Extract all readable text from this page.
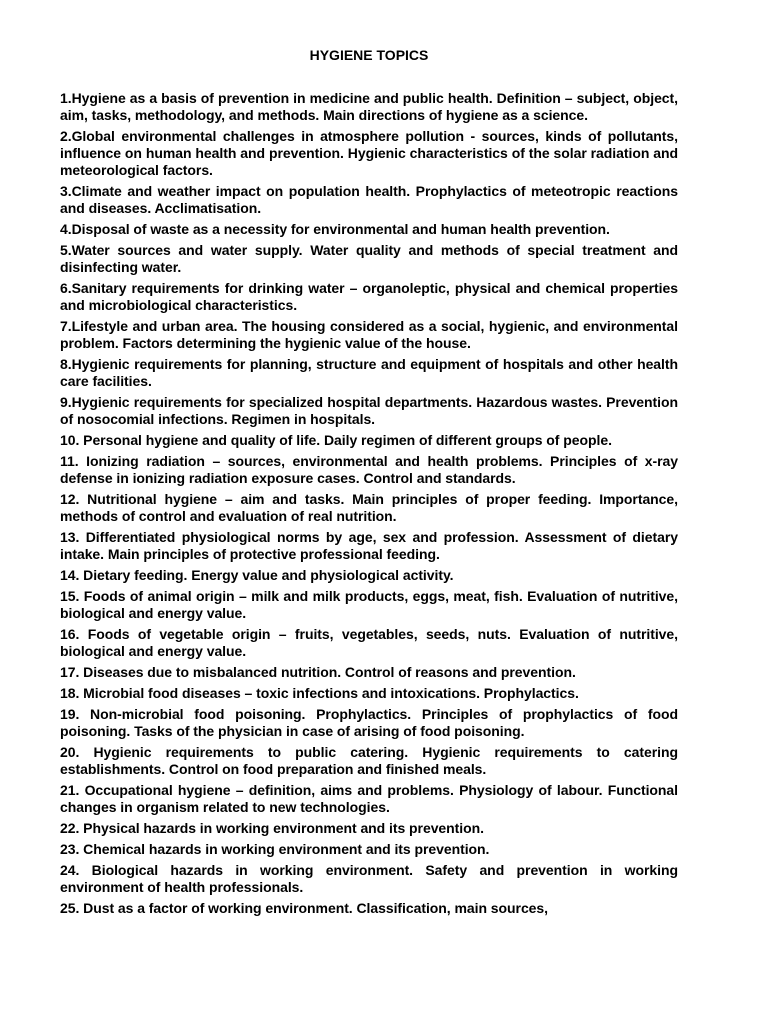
HYGIENE TOPICS
1.Hygiene as a basis of prevention in medicine and public health. Definition – subject, object, aim, tasks, methodology, and methods. Main directions of hygiene as a science.
2.Global environmental challenges in atmosphere pollution - sources, kinds of pollutants, influence on human health and prevention. Hygienic characteristics of the solar radiation and meteorological factors.
3.Climate and weather impact on population health. Prophylactics of meteotropic reactions and diseases. Acclimatisation.
4.Disposal of waste as a necessity for environmental and human health prevention.
5.Water sources and water supply. Water quality and methods of special treatment and disinfecting water.
6.Sanitary requirements for drinking water – organoleptic, physical and chemical properties and microbiological characteristics.
7.Lifestyle and urban area. The housing considered as a social, hygienic, and environmental problem. Factors determining the hygienic value of the house.
8.Hygienic requirements for planning, structure and equipment of hospitals and other health care facilities.
9.Hygienic requirements for specialized hospital departments. Hazardous wastes. Prevention of nosocomial infections. Regimen in hospitals.
10. Personal hygiene and quality of life. Daily regimen of different groups of people.
11. Ionizing radiation – sources, environmental and health problems. Principles of x-ray defense in ionizing radiation exposure cases. Control and standards.
12. Nutritional hygiene – aim and tasks. Main principles of proper feeding. Importance, methods of control and evaluation of real nutrition.
13. Differentiated physiological norms by age, sex and profession. Assessment of dietary intake. Main principles of protective professional feeding.
14. Dietary feeding. Energy value and physiological activity.
15. Foods of animal origin – milk and milk products, eggs, meat, fish. Evaluation of nutritive, biological and energy value.
16. Foods of vegetable origin – fruits, vegetables, seeds, nuts. Evaluation of nutritive, biological and energy value.
17. Diseases due to misbalanced nutrition. Control of reasons and prevention.
18. Microbial food diseases – toxic infections and intoxications. Prophylactics.
19. Non-microbial food poisoning. Prophylactics. Principles of prophylactics of food poisoning. Tasks of the physician in case of arising of food poisoning.
20. Hygienic requirements to public catering. Hygienic requirements to catering establishments. Control on food preparation and finished meals.
21. Occupational hygiene – definition, aims and problems. Physiology of labour. Functional changes in organism related to new technologies.
22. Physical hazards in working environment and its prevention.
23. Chemical hazards in working environment and its prevention.
24. Biological hazards in working environment. Safety and prevention in working environment of health professionals.
25. Dust as a factor of working environment. Classification, main sources,
